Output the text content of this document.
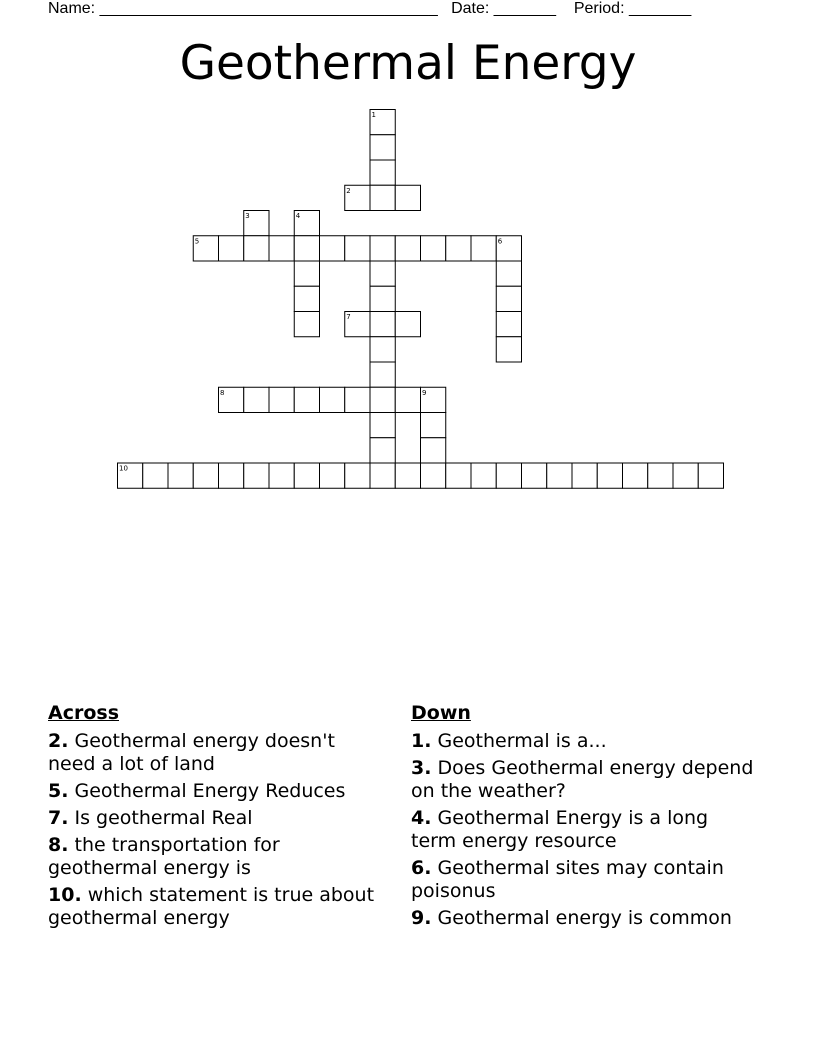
Name: ______________________________________ Date: _______ Period: _______
Geothermal Energy
1
2
3	4
5	6
7
8	9
10
Across
2. Geothermal energy doesn't need a lot of land
5. Geothermal Energy Reduces
7. Is geothermal Real
8. the transportation for geothermal energy is
10. which statement is true about geothermal energy
Down
1. Geothermal is a...
3. Does Geothermal energy depend on the weather?
4. Geothermal Energy is a long term energy resource
6. Geothermal sites may contain poisonus
9. Geothermal energy is common
